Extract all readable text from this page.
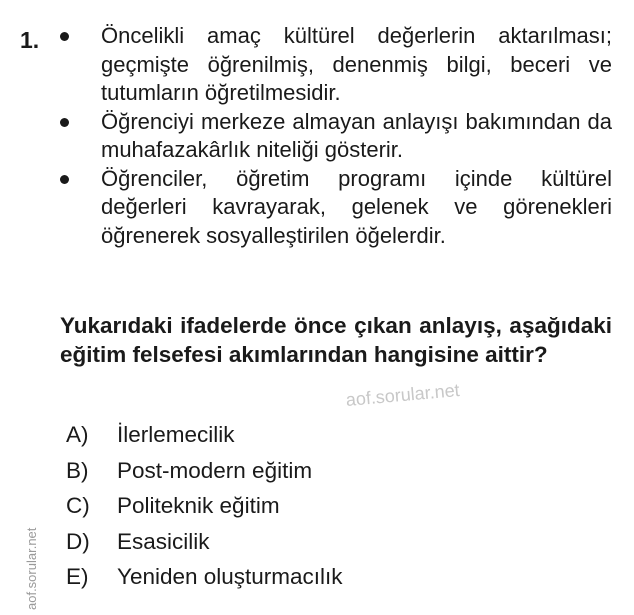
1.	Öncelikli amaç kültürel değerlerin aktarılması; geçmişte öğrenilmiş, denenmiş bilgi, beceri ve tutumların öğretilmesidir.
Öğrenciyi merkeze almayan anlayışı bakımından da muhafazakârlık niteliği gösterir.
Öğrenciler, öğretim programı içinde kültürel değerleri kavrayarak, gelenek ve görenekleri öğrenerek sosyalleştirilen öğelerdir.
Yukarıdaki ifadelerde önce çıkan anlayış, aşağıdaki eğitim felsefesi akımlarından hangisine aittir?
aof.sorular.net
A) İlerlemecilik
B) Post-modern eğitim
C) Politeknik eğitim
D) Esasicilik
E) Yeniden oluşturmacılık
aof.sorular.net
